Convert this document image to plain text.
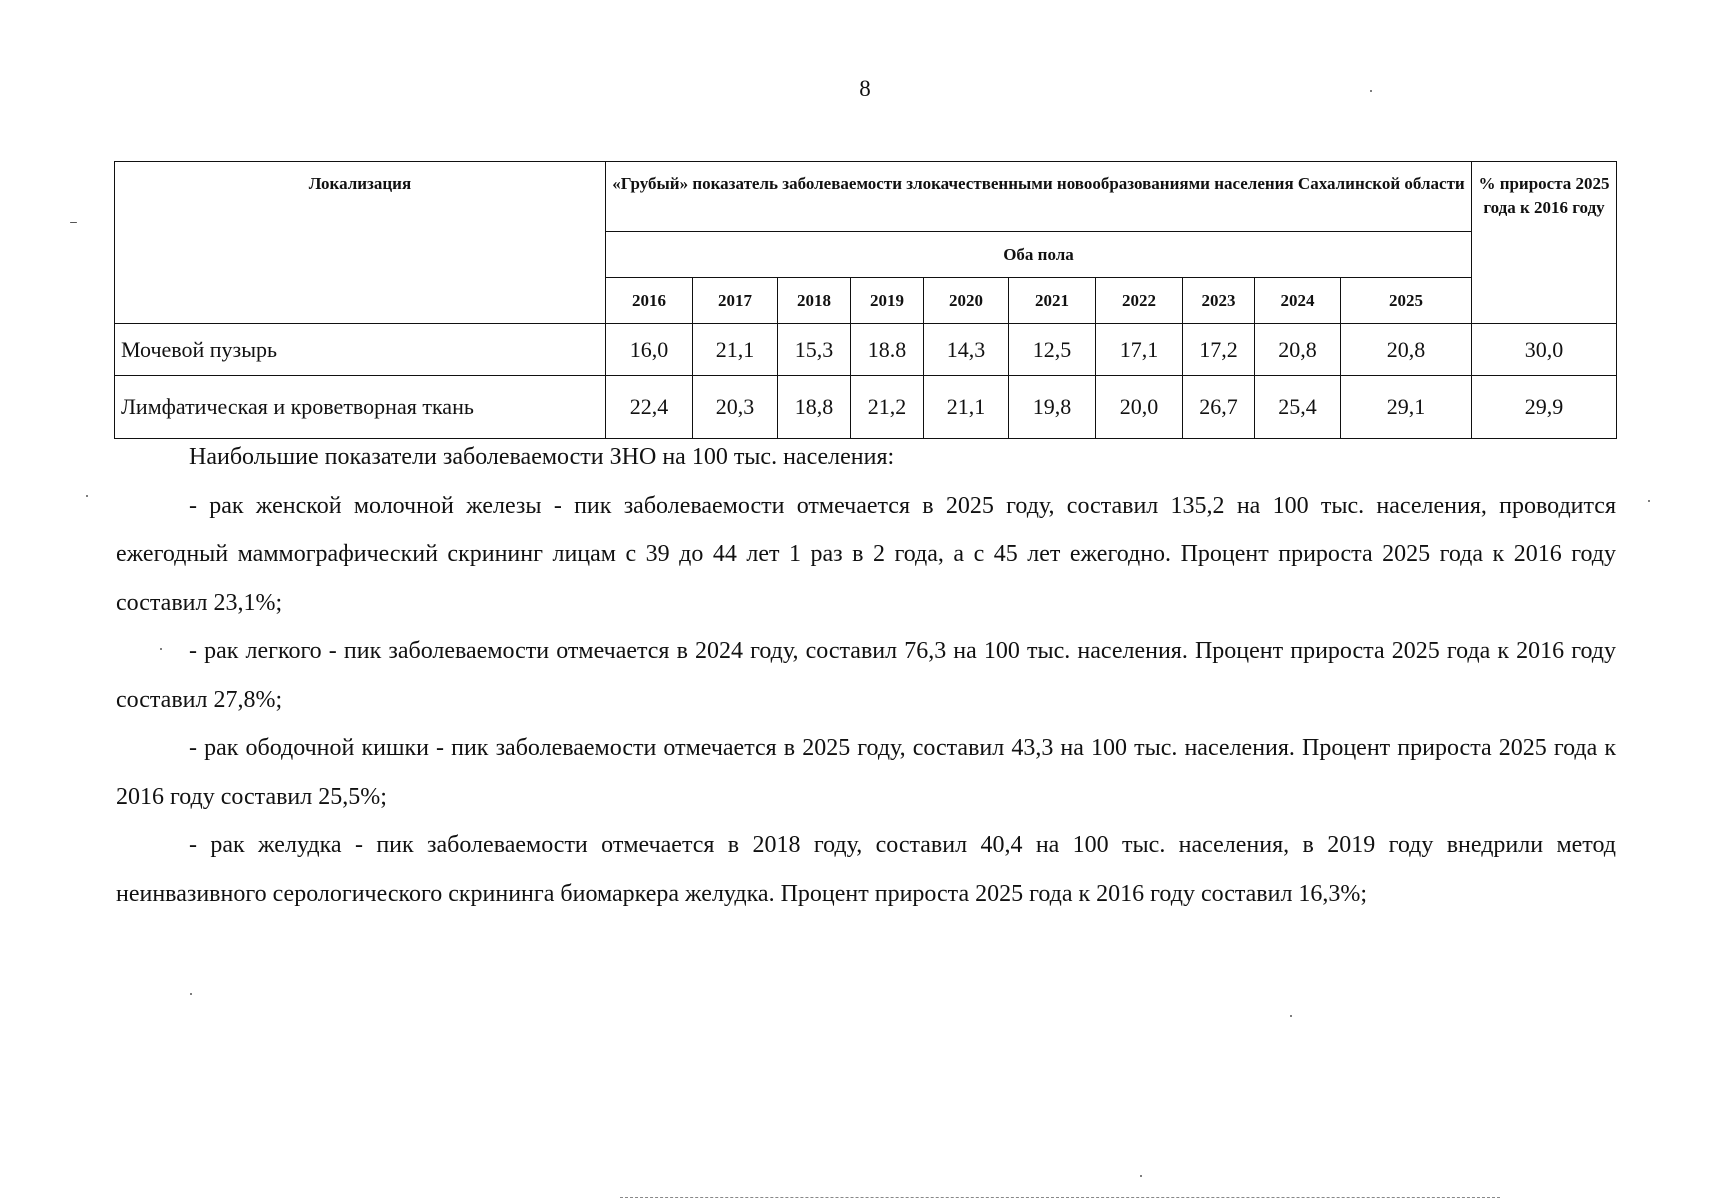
8
Локализация	«Грубый» показатель заболеваемости злокачественными новообразованиями населения Сахалинской области										% прироста 2025 года к 2016 году
	Оба пола										
	2016	2017	2018	2019	2020	2021	2022	2023	2024	2025	
Мочевой пузырь	16,0	21,1	15,3	18.8	14,3	12,5	17,1	17,2	20,8	20,8	30,0
Лимфатическая и кроветворная ткань	22,4	20,3	18,8	21,2	21,1	19,8	20,0	26,7	25,4	29,1	29,9

Наибольшие показатели заболеваемости ЗНО на 100 тыс. населения:

- рак женской молочной железы - пик заболеваемости отмечается в 2025 году, составил 135,2 на 100 тыс. населения, проводится ежегодный маммографический скрининг лицам с 39 до 44 лет 1 раз в 2 года, а с 45 лет ежегодно. Процент прироста 2025 года к 2016 году составил 23,1%;

- рак легкого - пик заболеваемости отмечается в 2024 году, составил 76,3 на 100 тыс. населения. Процент прироста 2025 года к 2016 году составил 27,8%;

- рак ободочной кишки - пик заболеваемости отмечается в 2025 году, составил 43,3 на 100 тыс. населения. Процент прироста 2025 года к 2016 году составил 25,5%;

- рак желудка - пик заболеваемости отмечается в 2018 году, составил 40,4 на 100 тыс. населения, в 2019 году внедрили метод неинвазивного серологического скрининга биомаркера желудка. Процент прироста 2025 года к 2016 году составил 16,3%;
